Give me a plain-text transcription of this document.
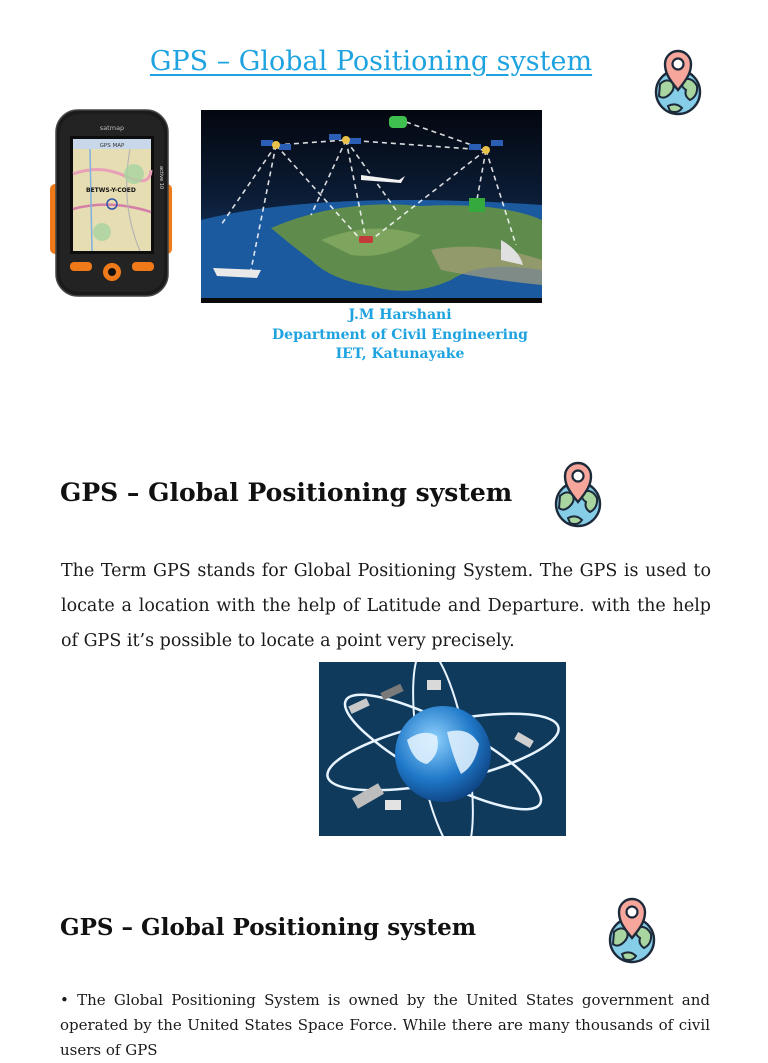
GPS – Global Positioning system
satmap
GPS MAP
BETWS-Y-COED
active 10
J.M Harshani
Department of Civil Engineering
IET, Katunayake
GPS – Global Positioning system
The Term GPS stands for Global Positioning System. The GPS is used to locate a location with the help of Latitude and Departure. with the help of GPS it’s possible to locate a point very precisely.
GPS – Global Positioning system
• The Global Positioning System is owned by the United States government and operated by the United States Space Force. While there are many thousands of civil users of GPS
